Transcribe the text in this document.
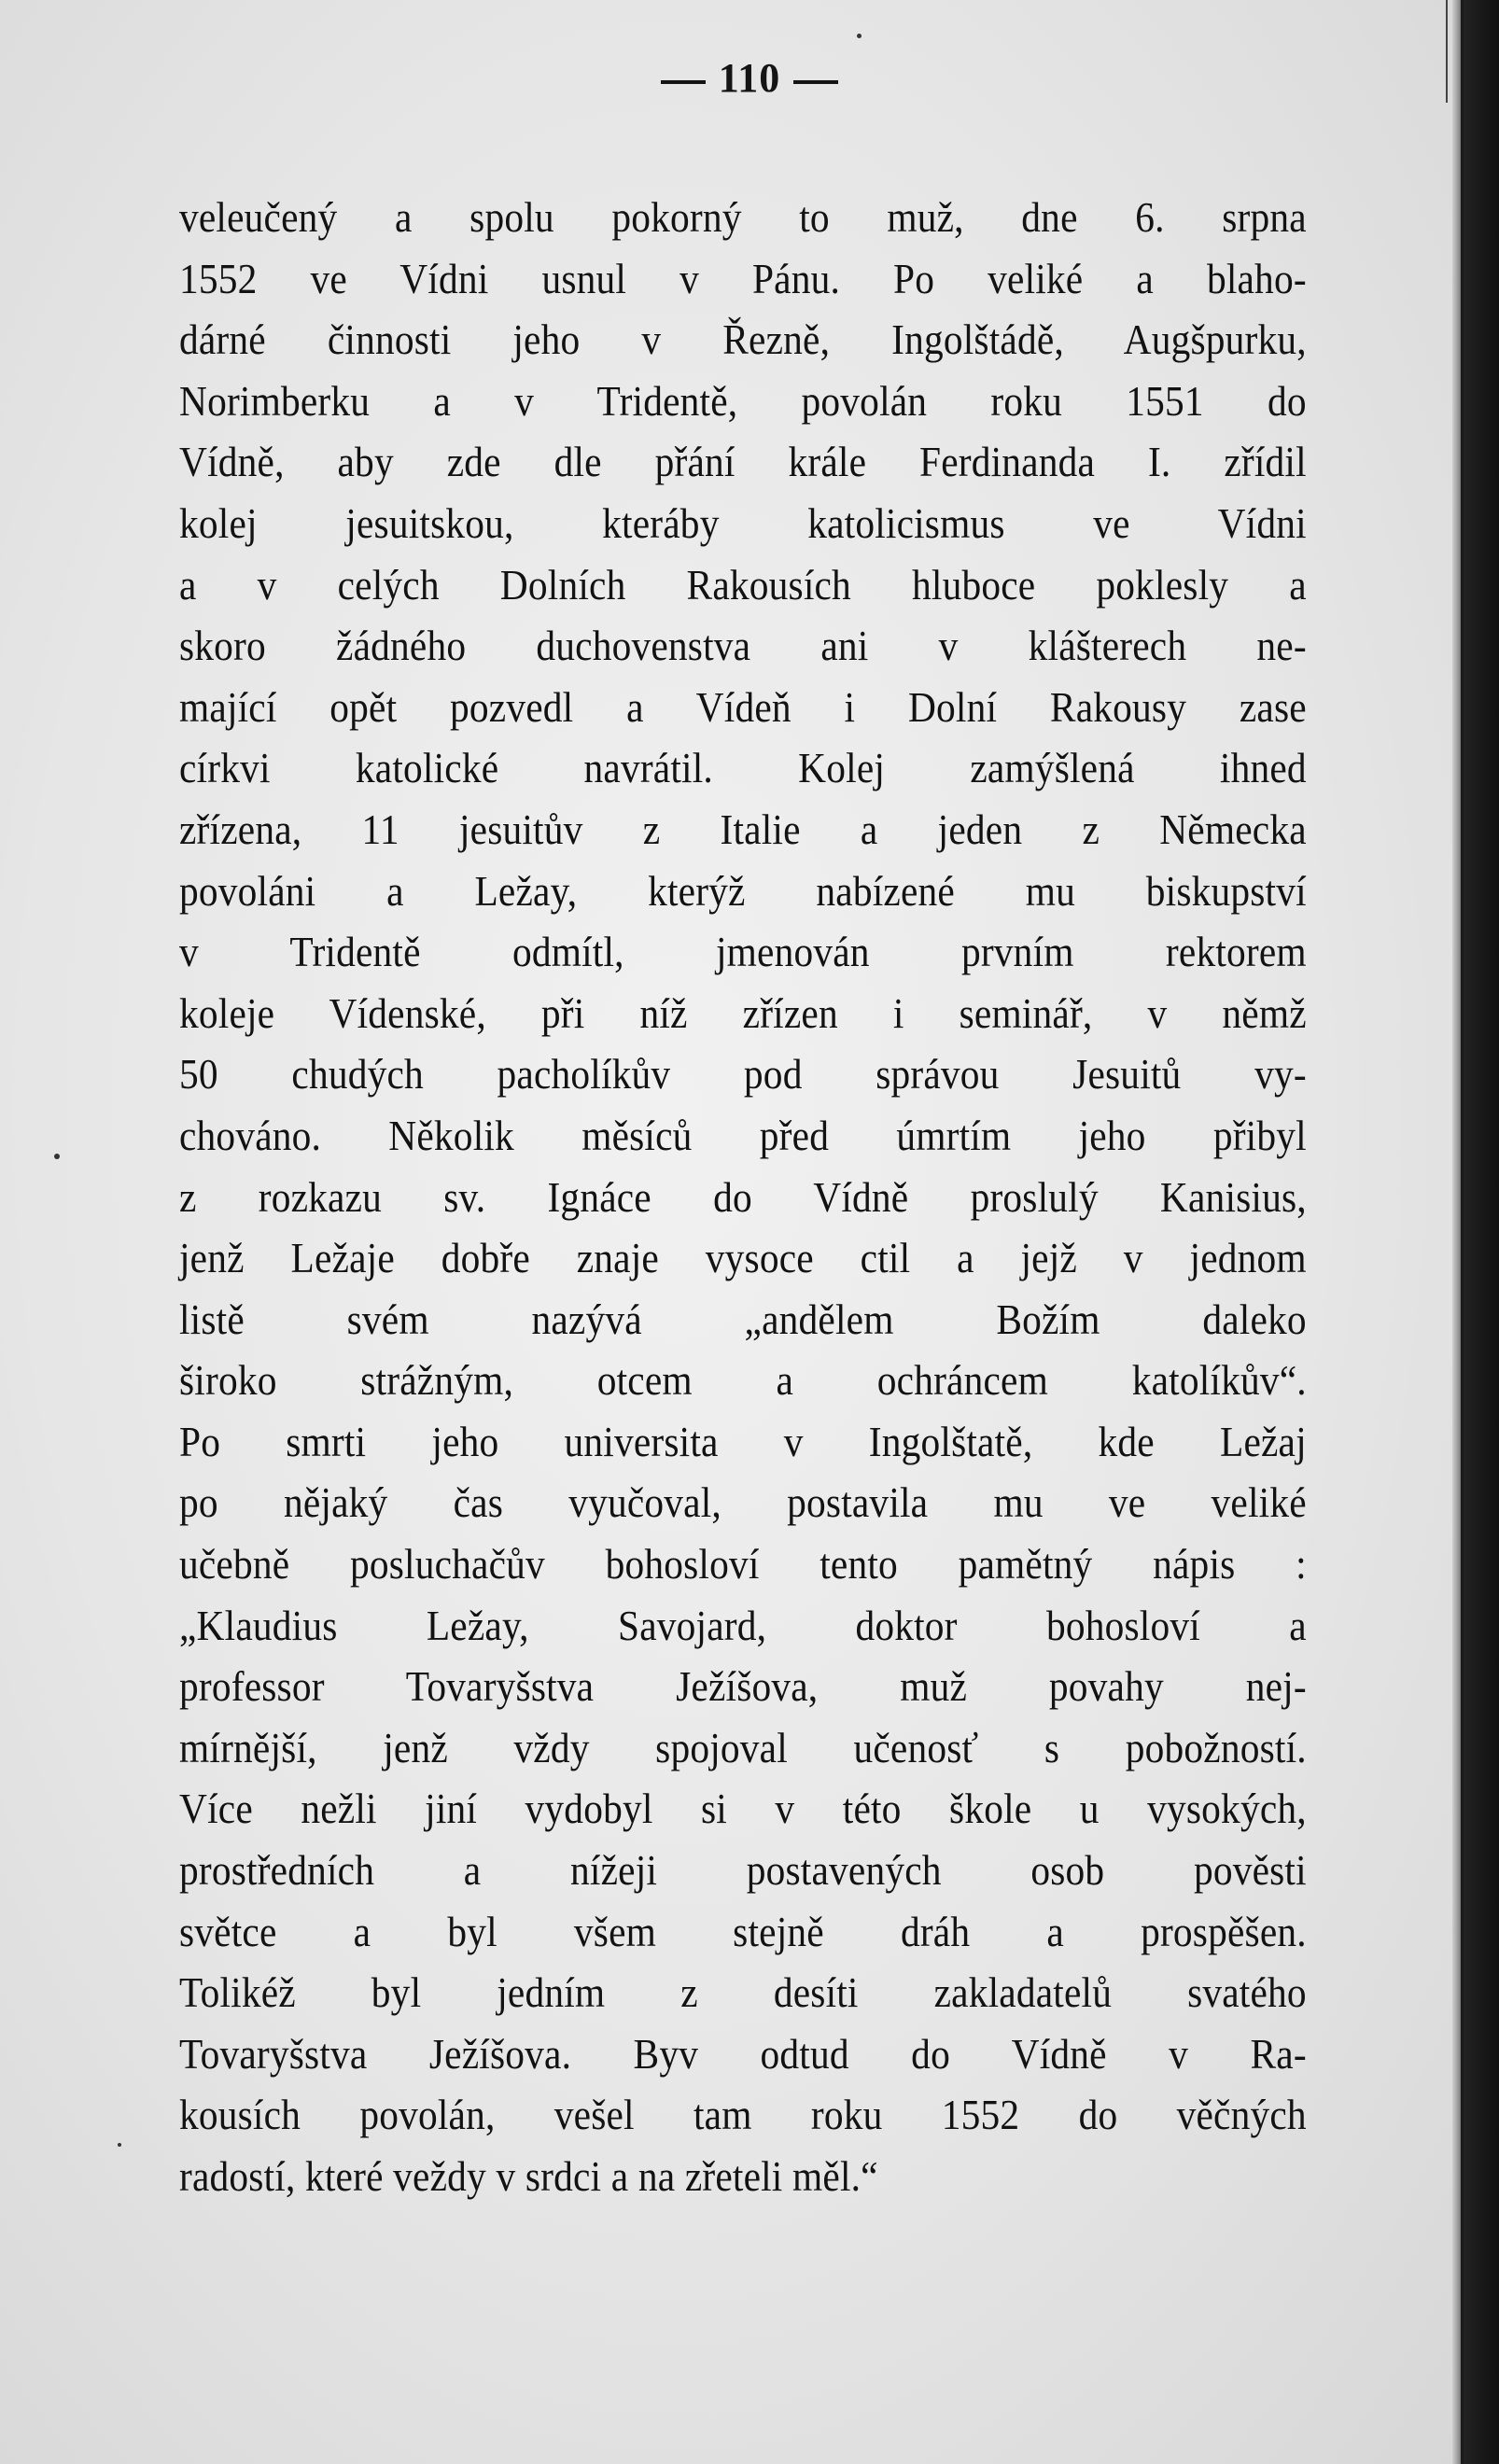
110
veleučený a spolu pokorný to muž, dne 6. srpna
1552 ve Vídni usnul v Pánu. Po veliké a blaho-
dárné činnosti jeho v Řezně, Ingolštádě, Augšpurku,
Norimberku a v Tridentě, povolán roku 1551 do
Vídně, aby zde dle přání krále Ferdinanda I. zřídil
kolej jesuitskou, kteráby katolicismus ve Vídni
a v celých Dolních Rakousích hluboce poklesly a
skoro žádného duchovenstva ani v klášterech ne-
mající opět pozvedl a Vídeň i Dolní Rakousy zase
církvi katolické navrátil. Kolej zamýšlená ihned
zřízena, 11 jesuitův z Italie a jeden z Německa
povoláni a Ležay, kterýž nabízené mu biskupství
v Tridentě odmítl, jmenován prvním rektorem
koleje Vídenské, při níž zřízen i seminář, v němž
50 chudých pacholíkův pod správou Jesuitů vy-
chováno. Několik měsíců před úmrtím jeho přibyl
z rozkazu sv. Ignáce do Vídně proslulý Kanisius,
jenž Ležaje dobře znaje vysoce ctil a jejž v jednom
listě svém nazývá „andělem Božím daleko
široko strážným, otcem a ochráncem katolíkův“.
Po smrti jeho universita v Ingolštatě, kde Ležaj
po nějaký čas vyučoval, postavila mu ve veliké
učebně posluchačův bohosloví tento pamětný nápis :
„Klaudius Ležay, Savojard, doktor bohosloví a
professor Tovaryšstva Ježíšova, muž povahy nej-
mírnější, jenž vždy spojoval učenosť s pobožností.
Více nežli jiní vydobyl si v této škole u vysokých,
prostředních a nížeji postavených osob pověsti
světce a byl všem stejně dráh a prospěšen.
Tolikéž byl jedním z desíti zakladatelů svatého
Tovaryšstva Ježíšova. Byv odtud do Vídně v Ra-
kousích povolán, vešel tam roku 1552 do věčných
radostí, které veždy v srdci a na zřeteli měl.“
